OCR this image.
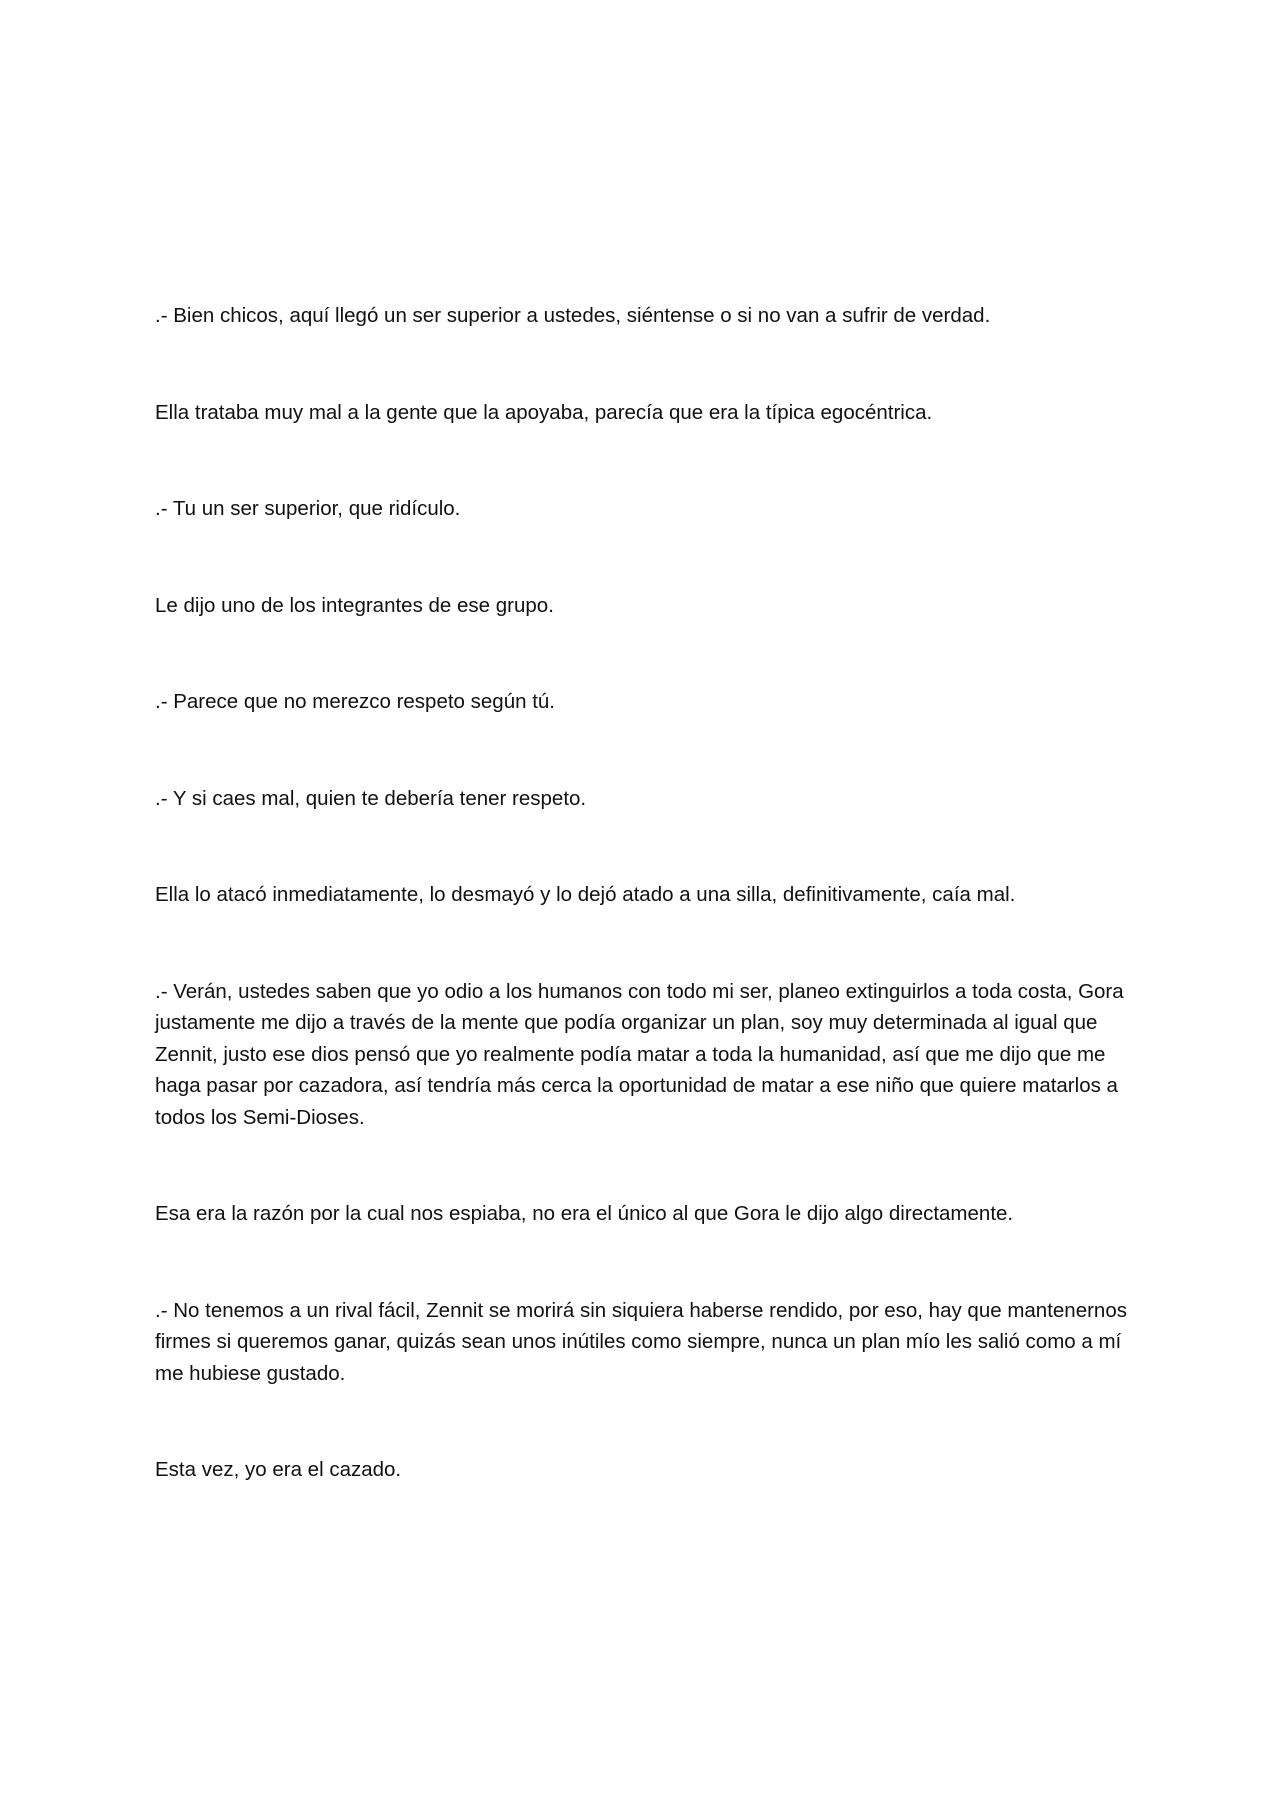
.- Bien chicos, aquí llegó un ser superior a ustedes, siéntense o si no van a sufrir de verdad.

Ella trataba muy mal a la gente que la apoyaba, parecía que era la típica egocéntrica.

.- Tu un ser superior, que ridículo.

Le dijo uno de los integrantes de ese grupo.

.- Parece que no merezco respeto según tú.

.- Y si caes mal, quien te debería tener respeto.

Ella lo atacó inmediatamente, lo desmayó y lo dejó atado a una silla, definitivamente, caía mal.

.- Verán, ustedes saben que yo odio a los humanos con todo mi ser, planeo extinguirlos a toda costa, Gora justamente me dijo a través de la mente que podía organizar un plan, soy muy determinada al igual que Zennit, justo ese dios pensó que yo realmente podía matar a toda la humanidad, así que me dijo que me haga pasar por cazadora, así tendría más cerca la oportunidad de matar a ese niño que quiere matarlos a todos los Semi-Dioses.

Esa era la razón por la cual nos espiaba, no era el único al que Gora le dijo algo directamente.

.- No tenemos a un rival fácil, Zennit se morirá sin siquiera haberse rendido, por eso, hay que mantenernos firmes si queremos ganar, quizás sean unos inútiles como siempre, nunca un plan mío les salió como a mí me hubiese gustado.

Esta vez, yo era el cazado.
